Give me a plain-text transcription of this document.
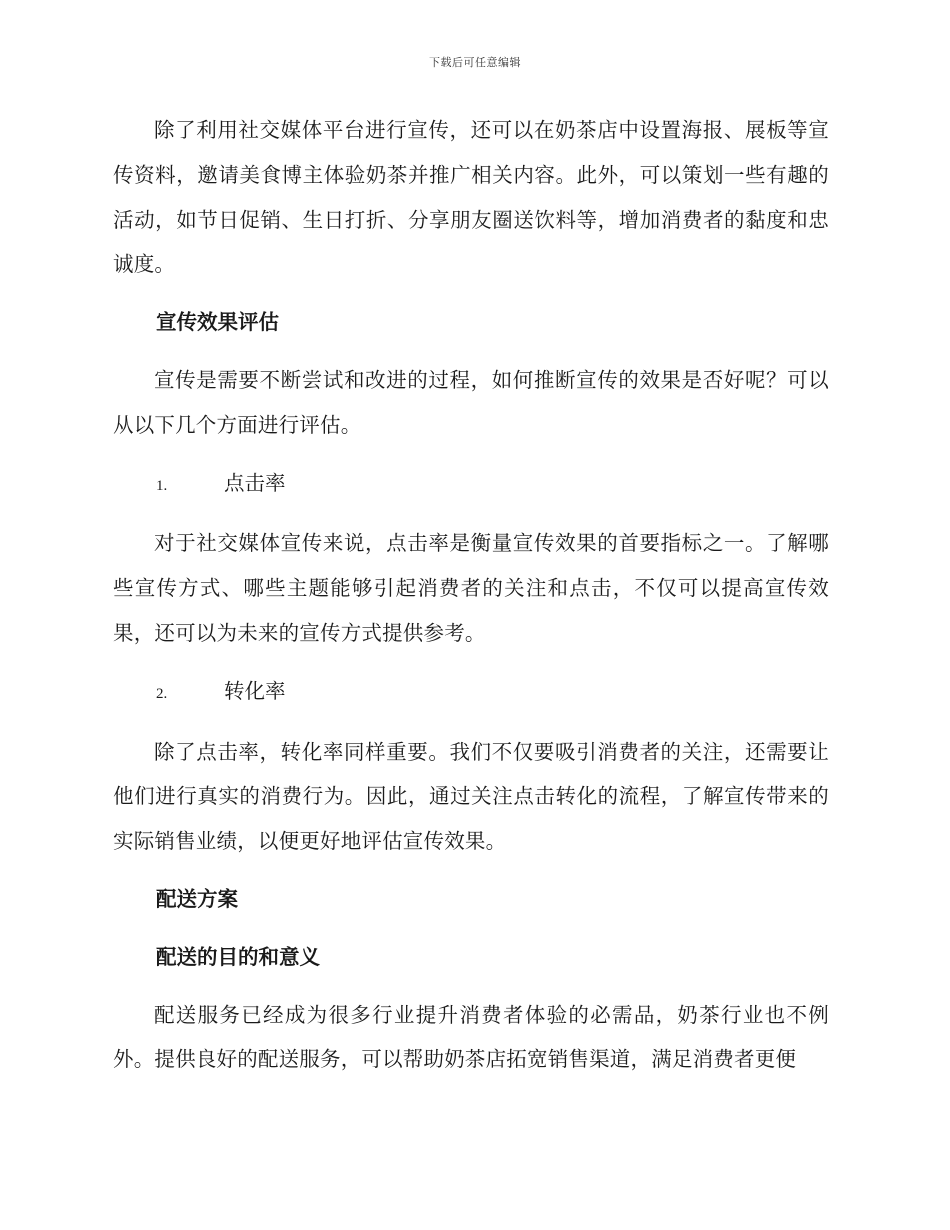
下载后可任意编辑

除了利用社交媒体平台进行宣传，还可以在奶茶店中设置海报、展板等宣传资料，邀请美食博主体验奶茶并推广相关内容。此外，可以策划一些有趣的活动，如节日促销、生日打折、分享朋友圈送饮料等，增加消费者的黏度和忠诚度。

宣传效果评估

宣传是需要不断尝试和改进的过程，如何推断宣传的效果是否好呢？可以从以下几个方面进行评估。

1.	点击率

对于社交媒体宣传来说，点击率是衡量宣传效果的首要指标之一。了解哪些宣传方式、哪些主题能够引起消费者的关注和点击，不仅可以提高宣传效果，还可以为未来的宣传方式提供参考。

2.	转化率

除了点击率，转化率同样重要。我们不仅要吸引消费者的关注，还需要让他们进行真实的消费行为。因此，通过关注点击转化的流程，了解宣传带来的实际销售业绩，以便更好地评估宣传效果。

配送方案

配送的目的和意义

配送服务已经成为很多行业提升消费者体验的必需品，奶茶行业也不例外。提供良好的配送服务，可以帮助奶茶店拓宽销售渠道，满足消费者更便
